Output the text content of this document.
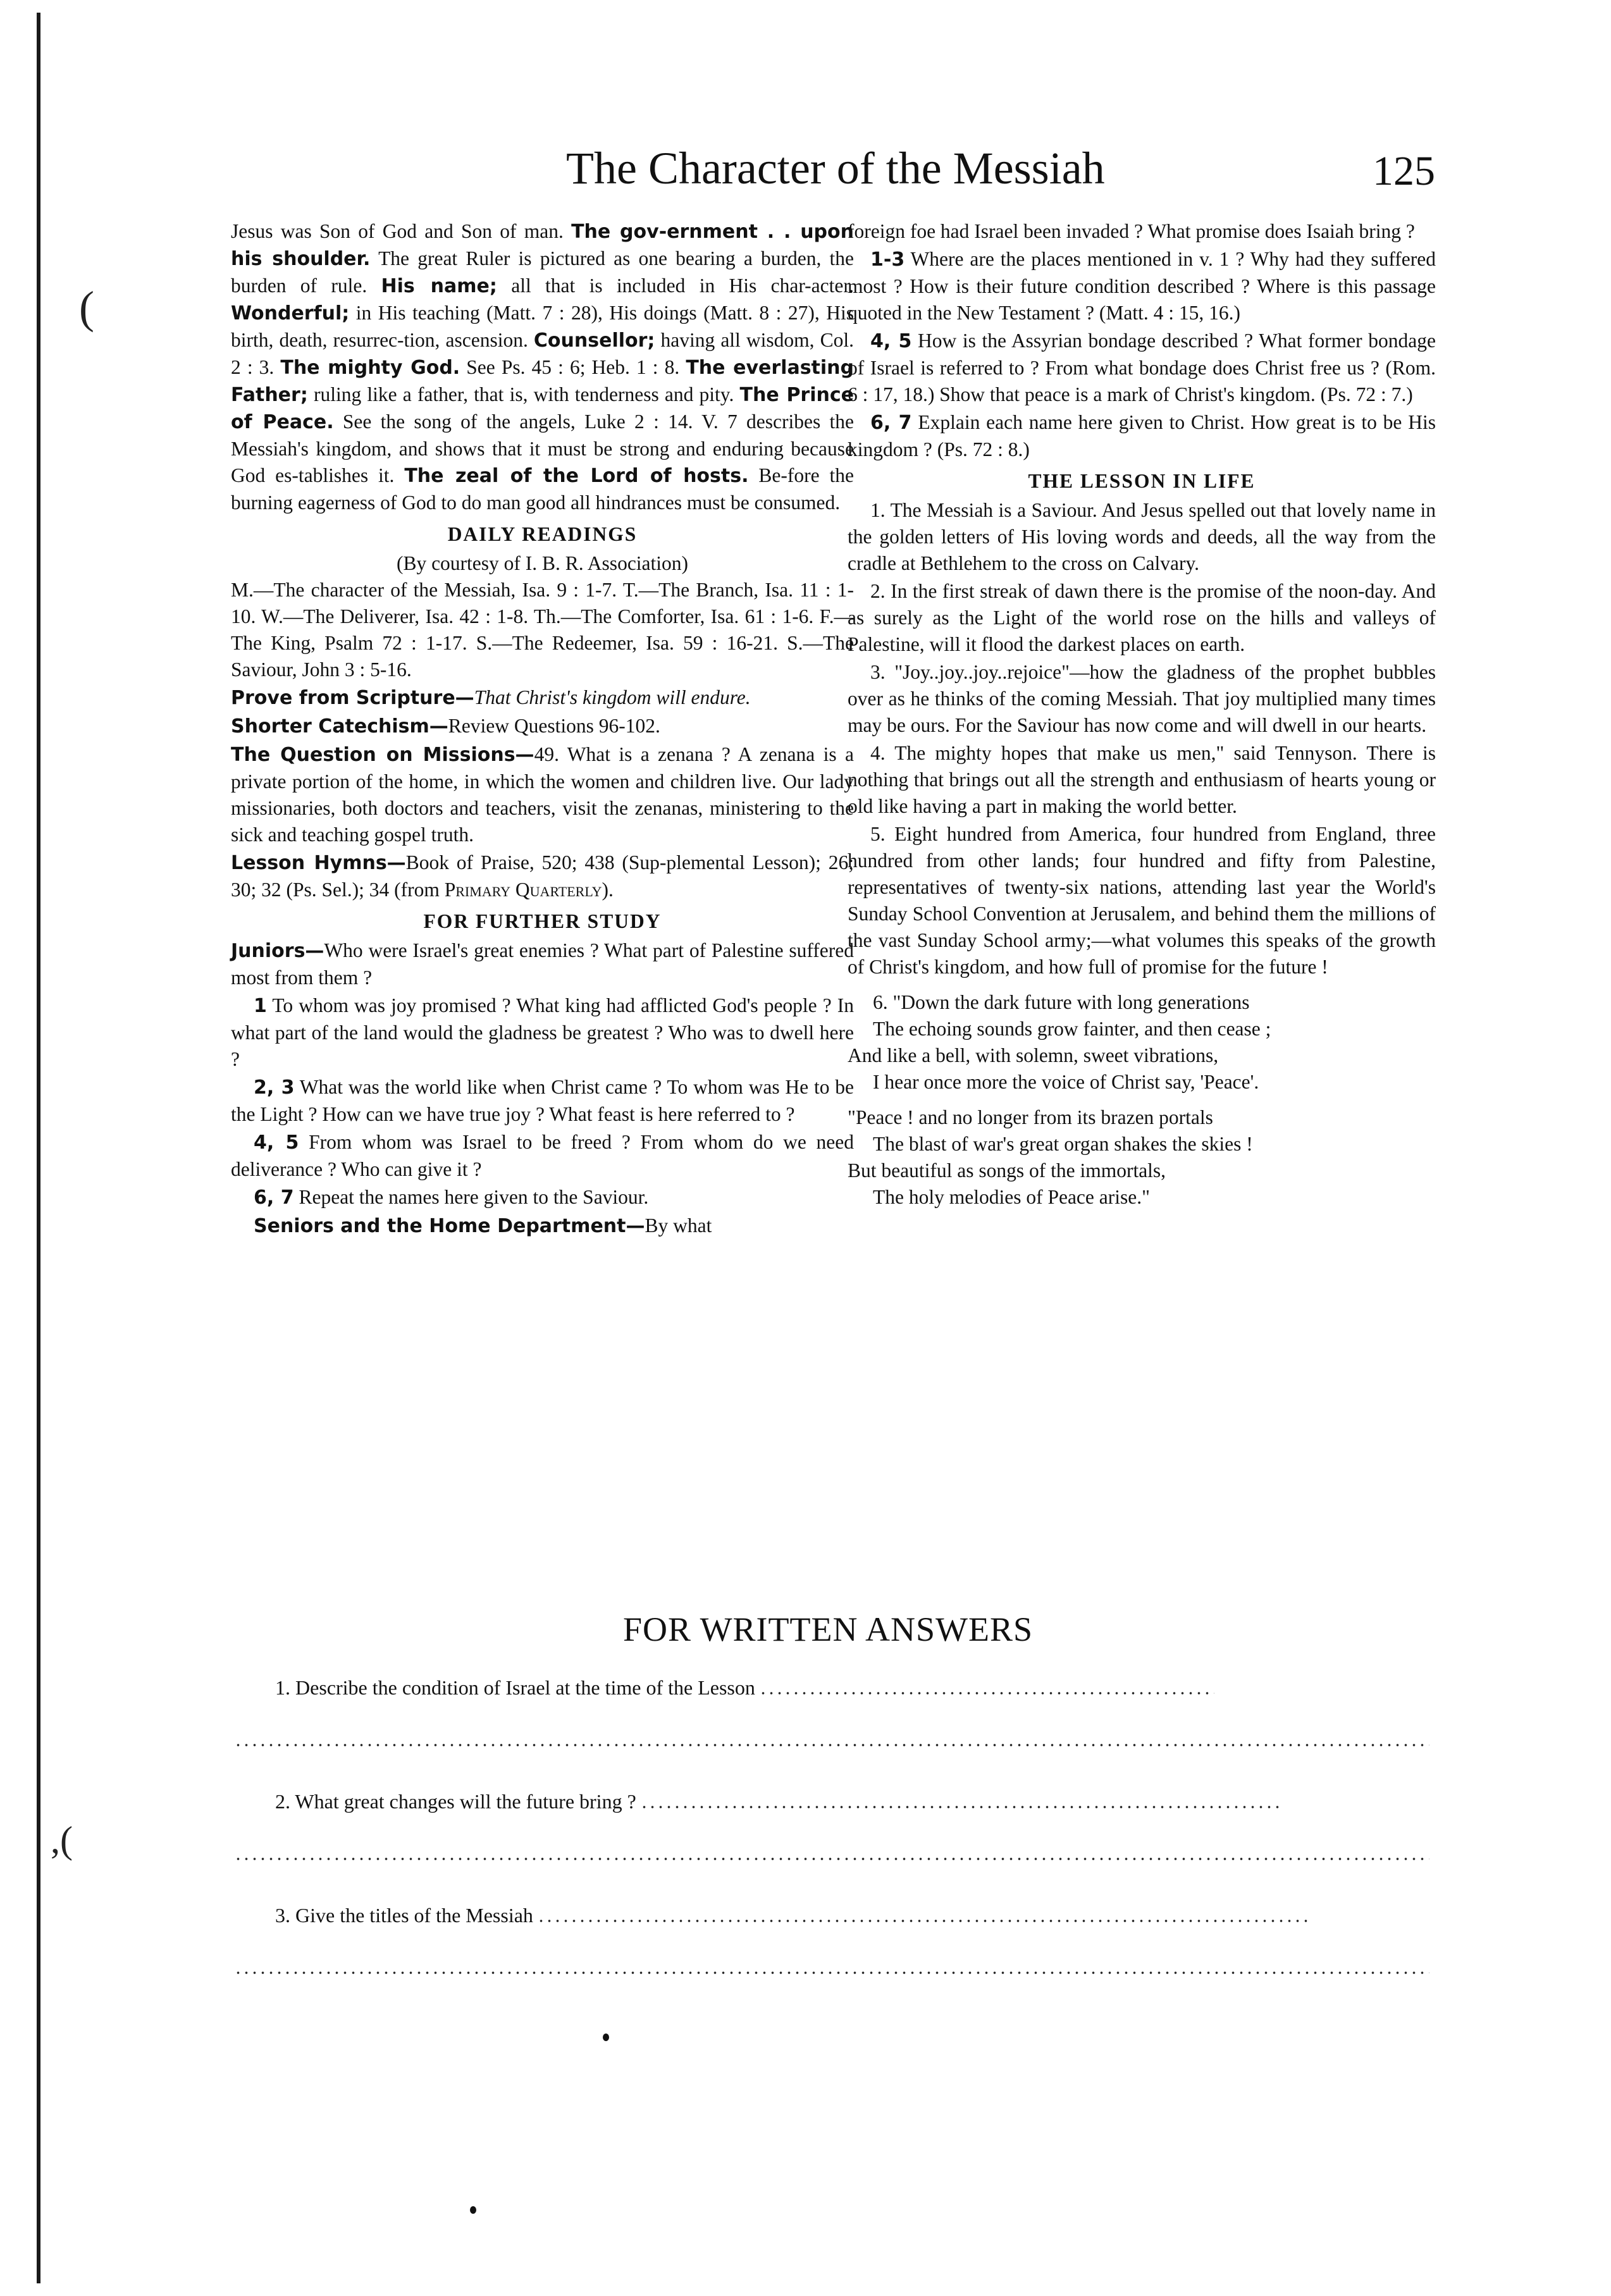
(
,(
The Character of the Messiah	125

Jesus was Son of God and Son of man. The gov-ernment . . upon his shoulder. The great Ruler is pictured as one bearing a burden, the burden of rule. His name; all that is included in His char-acter. Wonderful; in His teaching (Matt. 7 : 28), His doings (Matt. 8 : 27), His birth, death, resurrec-tion, ascension. Counsellor; having all wisdom, Col. 2 : 3. The mighty God. See Ps. 45 : 6; Heb. 1 : 8. The everlasting Father; ruling like a father, that is, with tenderness and pity. The Prince of Peace. See the song of the angels, Luke 2 : 14. V. 7 describes the Messiah's kingdom, and shows that it must be strong and enduring because God es-tablishes it. The zeal of the Lord of hosts. Be-fore the burning eagerness of God to do man good all hindrances must be consumed.

DAILY READINGS
(By courtesy of I. B. R. Association)

M.—The character of the Messiah, Isa. 9 : 1-7. T.—The Branch, Isa. 11 : 1-10. W.—The Deliverer, Isa. 42 : 1-8. Th.—The Comforter, Isa. 61 : 1-6. F.—The King, Psalm 72 : 1-17. S.—The Redeemer, Isa. 59 : 16-21. S.—The Saviour, John 3 : 5-16.

Prove from Scripture—That Christ's kingdom will endure.

Shorter Catechism—Review Questions 96-102.

The Question on Missions—49. What is a zenana ? A zenana is a private portion of the home, in which the women and children live. Our lady missionaries, both doctors and teachers, visit the zenanas, ministering to the sick and teaching gospel truth.

Lesson Hymns—Book of Praise, 520; 438 (Sup-plemental Lesson); 26; 30; 32 (Ps. Sel.); 34 (from Primary Quarterly).

FOR FURTHER STUDY

Juniors—Who were Israel's great enemies ? What part of Palestine suffered most from them ?

1 To whom was joy promised ? What king had afflicted God's people ? In what part of the land would the gladness be greatest ? Who was to dwell here ?

2, 3 What was the world like when Christ came ? To whom was He to be the Light ? How can we have true joy ? What feast is here referred to ?

4, 5 From whom was Israel to be freed ? From whom do we need deliverance ? Who can give it ?

6, 7 Repeat the names here given to the Saviour.

Seniors and the Home Department—By what

foreign foe had Israel been invaded ? What promise does Isaiah bring ?

1-3 Where are the places mentioned in v. 1 ? Why had they suffered most ? How is their future condition described ? Where is this passage quoted in the New Testament ? (Matt. 4 : 15, 16.)

4, 5 How is the Assyrian bondage described ? What former bondage of Israel is referred to ? From what bondage does Christ free us ? (Rom. 6 : 17, 18.) Show that peace is a mark of Christ's kingdom. (Ps. 72 : 7.)

6, 7 Explain each name here given to Christ. How great is to be His kingdom ? (Ps. 72 : 8.)

THE LESSON IN LIFE

1. The Messiah is a Saviour. And Jesus spelled out that lovely name in the golden letters of His loving words and deeds, all the way from the cradle at Bethlehem to the cross on Calvary.

2. In the first streak of dawn there is the promise of the noon-day. And as surely as the Light of the world rose on the hills and valleys of Palestine, will it flood the darkest places on earth.

3. "Joy..joy..joy..rejoice"—how the gladness of the prophet bubbles over as he thinks of the coming Messiah. That joy multiplied many times may be ours. For the Saviour has now come and will dwell in our hearts.

4. The mighty hopes that make us men," said Tennyson. There is nothing that brings out all the strength and enthusiasm of hearts young or old like having a part in making the world better.

5. Eight hundred from America, four hundred from England, three hundred from other lands; four hundred and fifty from Palestine, representatives of twenty-six nations, attending last year the World's Sunday School Convention at Jerusalem, and behind them the millions of the vast Sunday School army;—what volumes this speaks of the growth of Christ's kingdom, and how full of promise for the future !

6. "Down the dark future with long generations

The echoing sounds grow fainter, and then cease ;

And like a bell, with solemn, sweet vibrations,

I hear once more the voice of Christ say, 'Peace'.

"Peace ! and no longer from its brazen portals

The blast of war's great organ shakes the skies !

But beautiful as songs of the immortals,

The holy melodies of Peace arise."

FOR WRITTEN ANSWERS
1. Describe the condition of Israel at the time of the Lesson
2. What great changes will the future bring ?
3. Give the titles of the Messiah
